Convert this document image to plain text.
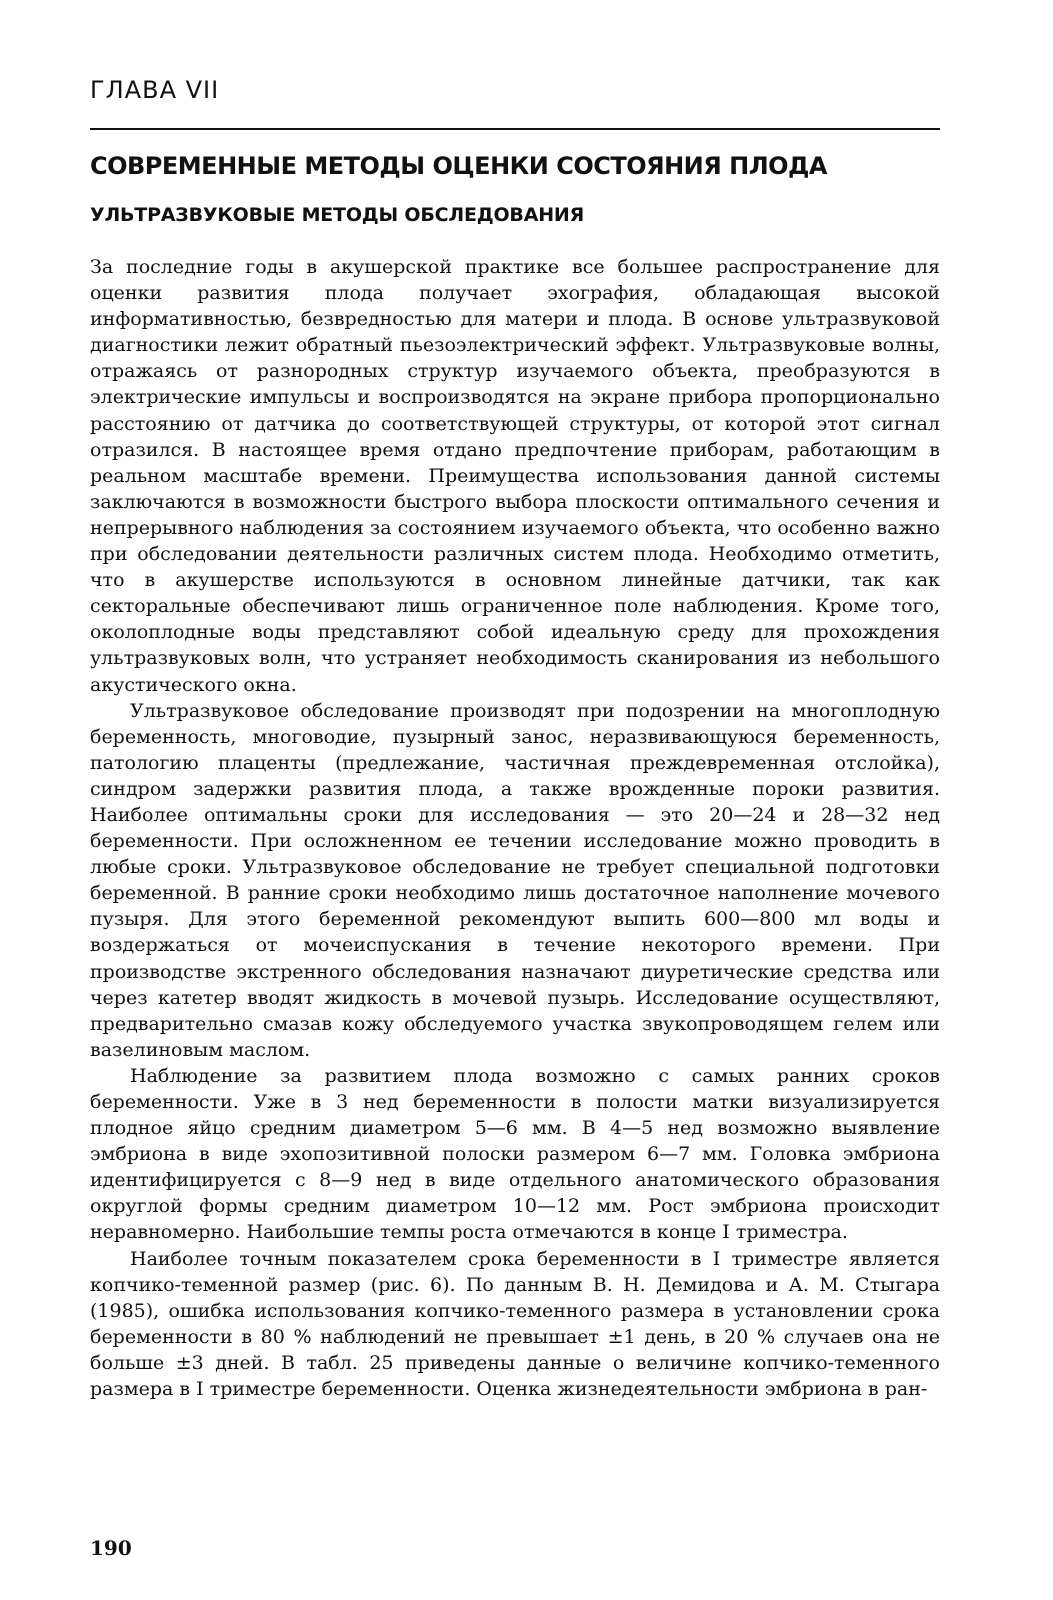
ГЛАВА VII

СОВРЕМЕННЫЕ МЕТОДЫ ОЦЕНКИ СОСТОЯНИЯ ПЛОДА
УЛЬТРАЗВУКОВЫЕ МЕТОДЫ ОБСЛЕДОВАНИЯ

За последние годы в акушерской практике все большее распространение для оценки развития плода получает эхография, обладающая высокой информативностью, безвредностью для матери и плода. В основе ультразвуковой диагностики лежит обратный пьезоэлектрический эффект. Ультразвуковые волны, отражаясь от разнородных структур изучаемого объекта, преобразуются в электрические импульсы и воспроизводятся на экране прибора пропорционально расстоянию от датчика до соответствующей структуры, от которой этот сигнал отразился. В настоящее время отдано предпочтение приборам, работающим в реальном масштабе времени. Преимущества использования данной системы заключаются в возможности быстрого выбора плоскости оптимального сечения и непрерывного наблюдения за состоянием изучаемого объекта, что особенно важно при обследовании деятельности различных систем плода. Необходимо отметить, что в акушерстве используются в основном линейные датчики, так как секторальные обеспечивают лишь ограниченное поле наблюдения. Кроме того, околоплодные воды представляют собой идеальную среду для прохождения ультразвуковых волн, что устраняет необходимость сканирования из небольшого акустического окна.

Ультразвуковое обследование производят при подозрении на многоплодную беременность, многоводие, пузырный занос, неразвивающуюся беременность, патологию плаценты (предлежание, частичная преждевременная отслойка), синдром задержки развития плода, а также врожденные пороки развития. Наиболее оптимальны сроки для исследования — это 20—24 и 28—32 нед беременности. При осложненном ее течении исследование можно проводить в любые сроки. Ультразвуковое обследование не требует специальной подготовки беременной. В ранние сроки необходимо лишь достаточное наполнение мочевого пузыря. Для этого беременной рекомендуют выпить 600—800 мл воды и воздержаться от мочеиспускания в течение некоторого времени. При производстве экстренного обследования назначают диуретические средства или через катетер вводят жидкость в мочевой пузырь. Исследование осуществляют, предварительно смазав кожу обследуемого участка звукопроводящем гелем или вазелиновым маслом.

Наблюдение за развитием плода возможно с самых ранних сроков беременности. Уже в 3 нед беременности в полости матки визуализируется плодное яйцо средним диаметром 5—6 мм. В 4—5 нед возможно выявление эмбриона в виде эхопозитивной полоски размером 6—7 мм. Головка эмбриона идентифицируется с 8—9 нед в виде отдельного анатомического образования округлой формы средним диаметром 10—12 мм. Рост эмбриона происходит неравномерно. Наибольшие темпы роста отмечаются в конце I триместра.

Наиболее точным показателем срока беременности в I триместре является копчико-теменной размер (рис. 6). По данным В. Н. Демидова и А. М. Стыгара (1985), ошибка использования копчико-теменного размера в установлении срока беременности в 80 % наблюдений не превышает ±1 день, в 20 % случаев она не больше ±3 дней. В табл. 25 приведены данные о величине копчико-теменного размера в I триместре беременности. Оценка жизнедеятельности эмбриона в ран-

190
